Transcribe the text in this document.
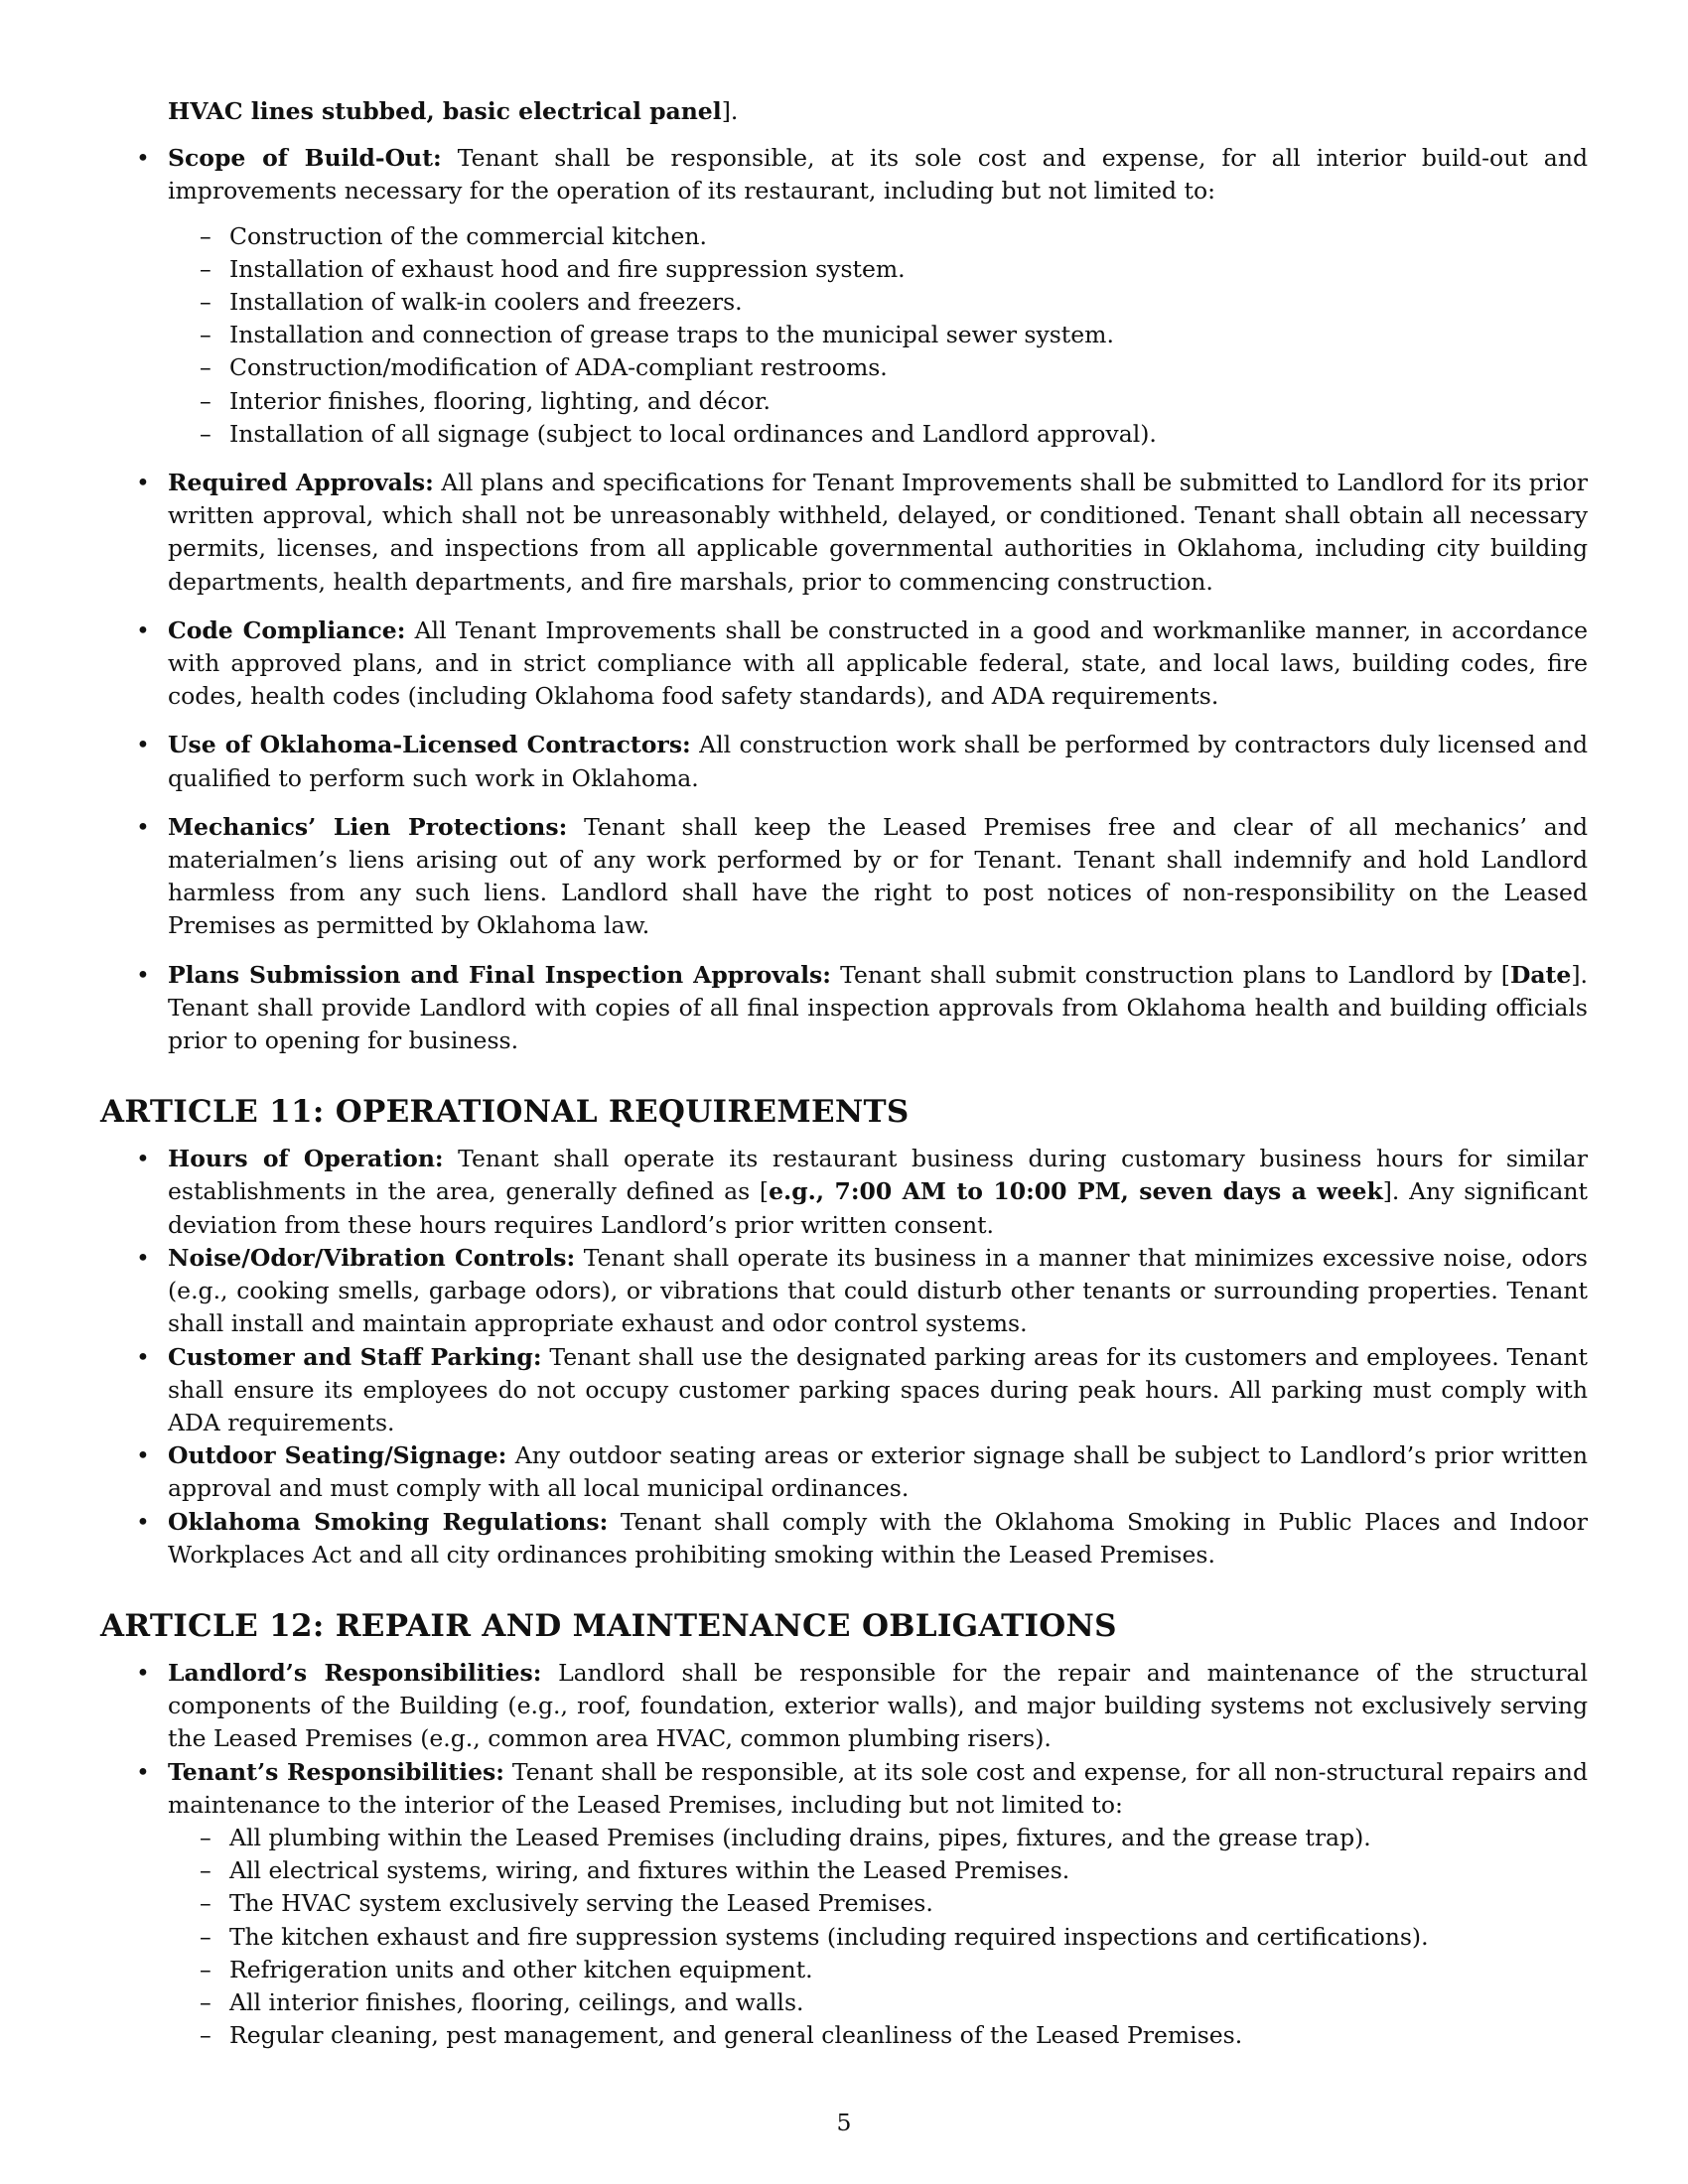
HVAC lines stubbed, basic electrical panel].
• Scope of Build-Out: Tenant shall be responsible, at its sole cost and expense, for all interior build-out and improvements necessary for the operation of its restaurant, including but not limited to:
– Construction of the commercial kitchen.
– Installation of exhaust hood and fire suppression system.
– Installation of walk-in coolers and freezers.
– Installation and connection of grease traps to the municipal sewer system.
– Construction/modification of ADA-compliant restrooms.
– Interior finishes, flooring, lighting, and décor.
– Installation of all signage (subject to local ordinances and Landlord approval).
• Required Approvals: All plans and specifications for Tenant Improvements shall be submitted to Landlord for its prior written approval, which shall not be unreasonably withheld, delayed, or conditioned. Tenant shall obtain all necessary permits, licenses, and inspections from all applicable governmental authorities in Oklahoma, including city building departments, health departments, and fire marshals, prior to commencing construction.
• Code Compliance: All Tenant Improvements shall be constructed in a good and workmanlike manner, in accordance with approved plans, and in strict compliance with all applicable federal, state, and local laws, building codes, fire codes, health codes (including Oklahoma food safety standards), and ADA requirements.
• Use of Oklahoma-Licensed Contractors: All construction work shall be performed by contractors duly licensed and qualified to perform such work in Oklahoma.
• Mechanics’ Lien Protections: Tenant shall keep the Leased Premises free and clear of all mechanics’ and materialmen’s liens arising out of any work performed by or for Tenant. Tenant shall indemnify and hold Landlord harmless from any such liens. Landlord shall have the right to post notices of non-responsibility on the Leased Premises as permitted by Oklahoma law.
• Plans Submission and Final Inspection Approvals: Tenant shall submit construction plans to Landlord by [Date]. Tenant shall provide Landlord with copies of all final inspection approvals from Oklahoma health and building officials prior to opening for business.
ARTICLE 11: OPERATIONAL REQUIREMENTS
• Hours of Operation: Tenant shall operate its restaurant business during customary business hours for similar establishments in the area, generally defined as [e.g., 7:00 AM to 10:00 PM, seven days a week]. Any significant deviation from these hours requires Landlord’s prior written consent.
• Noise/Odor/Vibration Controls: Tenant shall operate its business in a manner that minimizes excessive noise, odors (e.g., cooking smells, garbage odors), or vibrations that could disturb other tenants or surrounding properties. Tenant shall install and maintain appropriate exhaust and odor control systems.
• Customer and Staff Parking: Tenant shall use the designated parking areas for its customers and employees. Tenant shall ensure its employees do not occupy customer parking spaces during peak hours. All parking must comply with ADA requirements.
• Outdoor Seating/Signage: Any outdoor seating areas or exterior signage shall be subject to Landlord’s prior written approval and must comply with all local municipal ordinances.
• Oklahoma Smoking Regulations: Tenant shall comply with the Oklahoma Smoking in Public Places and Indoor Workplaces Act and all city ordinances prohibiting smoking within the Leased Premises.
ARTICLE 12: REPAIR AND MAINTENANCE OBLIGATIONS
• Landlord’s Responsibilities: Landlord shall be responsible for the repair and maintenance of the structural components of the Building (e.g., roof, foundation, exterior walls), and major building systems not exclusively serving the Leased Premises (e.g., common area HVAC, common plumbing risers).
• Tenant’s Responsibilities: Tenant shall be responsible, at its sole cost and expense, for all non-structural repairs and maintenance to the interior of the Leased Premises, including but not limited to:
– All plumbing within the Leased Premises (including drains, pipes, fixtures, and the grease trap).
– All electrical systems, wiring, and fixtures within the Leased Premises.
– The HVAC system exclusively serving the Leased Premises.
– The kitchen exhaust and fire suppression systems (including required inspections and certifications).
– Refrigeration units and other kitchen equipment.
– All interior finishes, flooring, ceilings, and walls.
– Regular cleaning, pest management, and general cleanliness of the Leased Premises.
5
